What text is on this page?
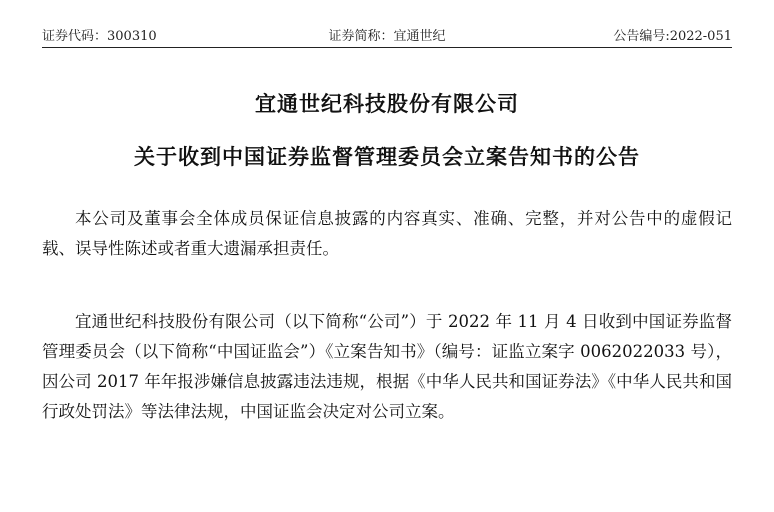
证券代码：300310	证券简称：宜通世纪	公告编号:2022-051
宜通世纪科技股份有限公司
关于收到中国证券监督管理委员会立案告知书的公告

本公司及董事会全体成员保证信息披露的内容真实、准确、完整，并对公告中的虚假记载、误导性陈述或者重大遗漏承担责任。

宜通世纪科技股份有限公司（以下简称“公司”）于 2022 年 11 月 4 日收到中国证券监督管理委员会（以下简称“中国证监会”）《立案告知书》（编号：证监立案字 0062022033 号），因公司 2017 年年报涉嫌信息披露违法违规，根据《中华人民共和国证券法》《中华人民共和国行政处罚法》等法律法规，中国证监会决定对公司立案。
